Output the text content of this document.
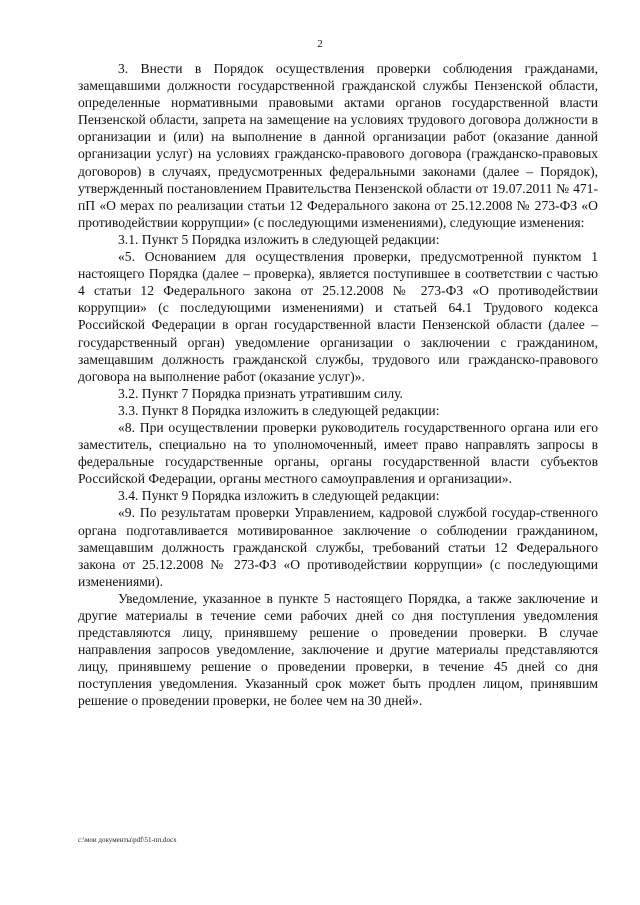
2

3. Внести в Порядок осуществления проверки соблюдения гражданами, замещавшими должности государственной гражданской службы Пензенской области, определенные нормативными правовыми актами органов государственной власти Пензенской области, запрета на замещение на условиях трудового договора должности в организации и (или) на выполнение в данной организации работ (оказание данной организации услуг) на условиях гражданско-правового договора (гражданско-правовых договоров) в случаях, предусмотренных федеральными законами (далее – Порядок), утвержденный постановлением Правительства Пензенской области от 19.07.2011 № 471-пП «О мерах по реализации статьи 12 Федерального закона от 25.12.2008 № 273-ФЗ «О противодействии коррупции» (с последующими изменениями), следующие изменения:

3.1. Пункт 5 Порядка изложить в следующей редакции:

«5. Основанием для осуществления проверки, предусмотренной пунктом 1 настоящего Порядка (далее – проверка), является поступившее в соответствии с частью 4 статьи 12 Федерального закона от 25.12.2008 № 273-ФЗ «О противодействии коррупции» (с последующими изменениями) и статьей 64.1 Трудового кодекса Российской Федерации в орган государственной власти Пензенской области (далее – государственный орган) уведомление организации о заключении с гражданином, замещавшим должность гражданской службы, трудового или гражданско-правового договора на выполнение работ (оказание услуг)».

3.2. Пункт 7 Порядка признать утратившим силу.

3.3. Пункт 8 Порядка изложить в следующей редакции:

«8. При осуществлении проверки руководитель государственного органа или его заместитель, специально на то уполномоченный, имеет право направлять запросы в федеральные государственные органы, органы государственной власти субъектов Российской Федерации, органы местного самоуправления и организации».

3.4. Пункт 9 Порядка изложить в следующей редакции:

«9. По результатам проверки Управлением, кадровой службой государ-ственного органа подготавливается мотивированное заключение о соблюдении гражданином, замещавшим должность гражданской службы, требований статьи 12 Федерального закона от 25.12.2008 № 273-ФЗ «О противодействии коррупции» (с последующими изменениями).

Уведомление, указанное в пункте 5 настоящего Порядка, а также заключение и другие материалы в течение семи рабочих дней со дня поступления уведомления представляются лицу, принявшему решение о проведении проверки. В случае направления запросов уведомление, заключение и другие материалы представляются лицу, принявшему решение о проведении проверки, в течение 45 дней со дня поступления уведомления. Указанный срок может быть продлен лицом, принявшим решение о проведении проверки, не более чем на 30 дней».

c:\мои документы\pdf\51-пп.docx
